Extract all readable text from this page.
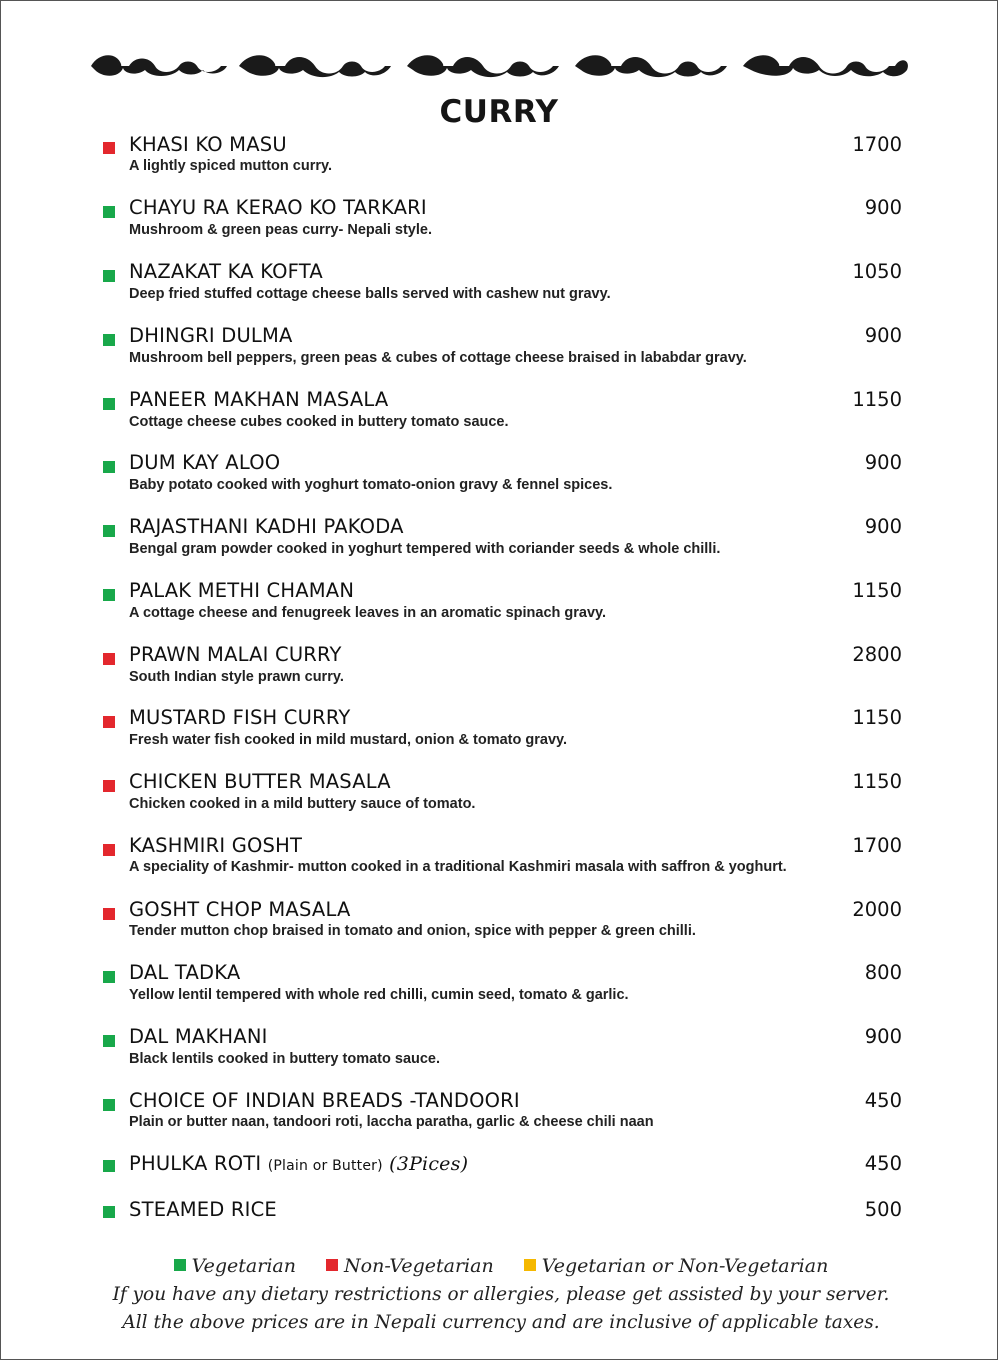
CURRY
KHASI KO MASU	1700
A lightly spiced mutton curry.
CHAYU RA KERAO KO TARKARI	900
Mushroom & green peas curry- Nepali style.
NAZAKAT KA KOFTA	1050
Deep fried stuffed cottage cheese balls served with cashew nut gravy.
DHINGRI DULMA	900
Mushroom bell peppers, green peas & cubes of cottage cheese braised in lababdar gravy.
PANEER MAKHAN MASALA	1150
Cottage cheese cubes cooked in buttery tomato sauce.
DUM KAY ALOO	900
Baby potato cooked with yoghurt tomato-onion gravy & fennel spices.
RAJASTHANI KADHI PAKODA	900
Bengal gram powder cooked in yoghurt tempered with coriander seeds & whole chilli.
PALAK METHI CHAMAN	1150
A cottage cheese and fenugreek leaves in an aromatic spinach gravy.
PRAWN MALAI CURRY	2800
South Indian style prawn curry.
MUSTARD FISH CURRY	1150
Fresh water fish cooked in mild mustard, onion & tomato gravy.
CHICKEN BUTTER MASALA	1150
Chicken cooked in a mild buttery sauce of tomato.
KASHMIRI GOSHT	1700
A speciality of Kashmir- mutton cooked in a traditional Kashmiri masala with saffron & yoghurt.
GOSHT CHOP MASALA	2000
Tender mutton chop braised in tomato and onion, spice with pepper & green chilli.
DAL TADKA	800
Yellow lentil tempered with whole red chilli, cumin seed, tomato & garlic.
DAL MAKHANI	900
Black lentils cooked in buttery tomato sauce.
CHOICE OF INDIAN BREADS -TANDOORI	450
Plain or butter naan, tandoori roti, laccha paratha, garlic & cheese chili naan
PHULKA ROTI (Plain or Butter) (3Pices)	450
STEAMED RICE	500
Vegetarian	Non-Vegetarian	Vegetarian or Non-Vegetarian
If you have any dietary restrictions or allergies, please get assisted by your server.
All the above prices are in Nepali currency and are inclusive of applicable taxes.
